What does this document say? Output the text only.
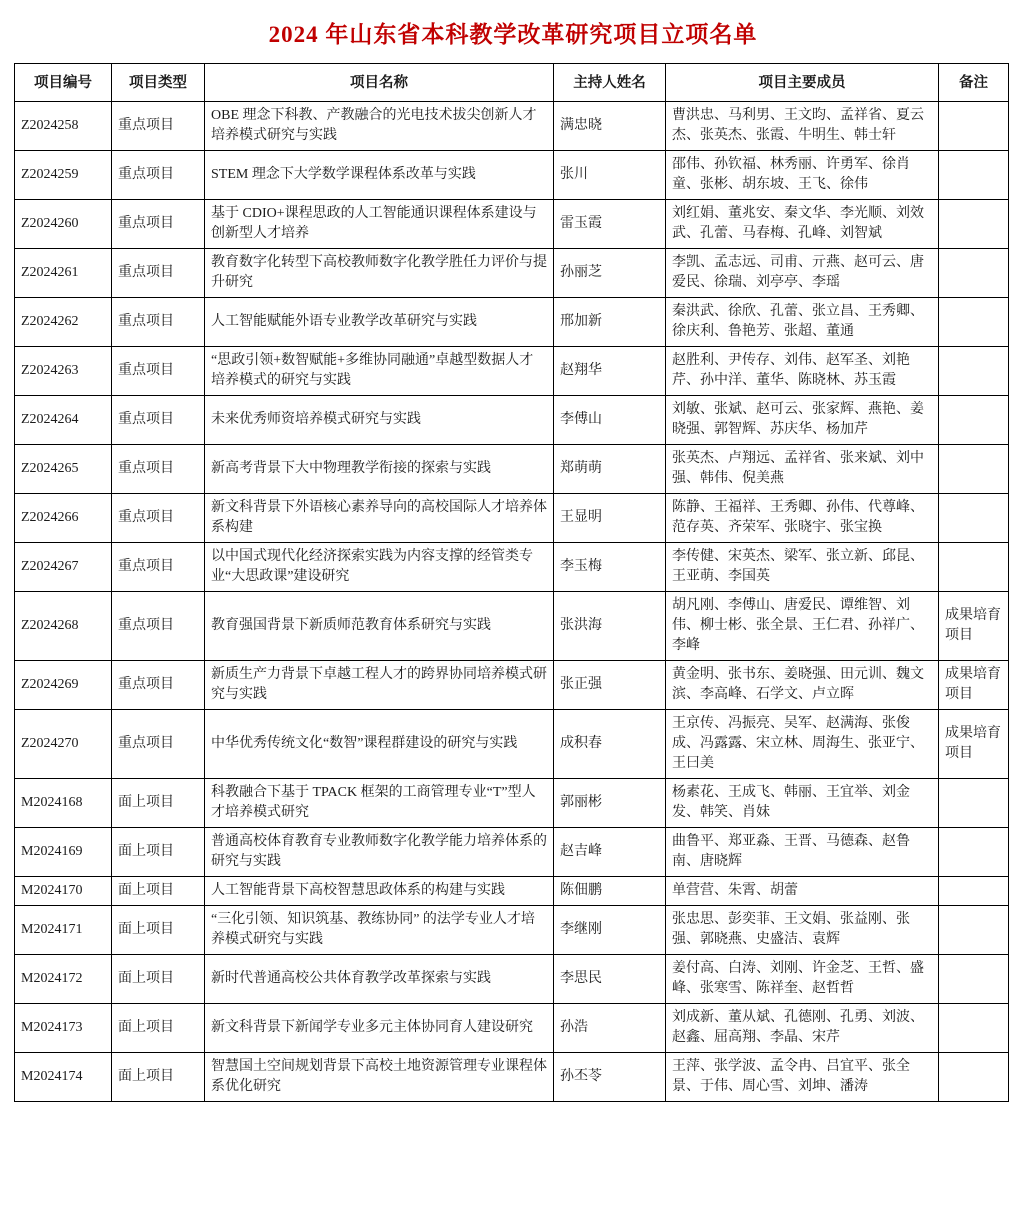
2024 年山东省本科教学改革研究项目立项名单
项目编号	项目类型	项目名称	主持人姓名	项目主要成员	备注
Z2024258	重点项目	OBE 理念下科教、产教融合的光电技术拔尖创新人才培养模式研究与实践	满忠晓	曹洪忠、马利男、王文昀、孟祥省、夏云杰、张英杰、张霞、牛明生、韩士轩	
Z2024259	重点项目	STEM 理念下大学数学课程体系改革与实践	张川	邵伟、孙钦福、林秀丽、许勇军、徐肖童、张彬、胡东坡、王飞、徐伟	
Z2024260	重点项目	基于 CDIO+课程思政的人工智能通识课程体系建设与创新型人才培养	雷玉霞	刘红娟、董兆安、秦文华、李光顺、刘效武、孔蕾、马春梅、孔峰、刘智斌	
Z2024261	重点项目	教育数字化转型下高校教师数字化教学胜任力评价与提升研究	孙丽芝	李凯、孟志远、司甫、亓燕、赵可云、唐爱民、徐瑞、刘亭亭、李瑶	
Z2024262	重点项目	人工智能赋能外语专业教学改革研究与实践	邢加新	秦洪武、徐欣、孔蕾、张立昌、王秀卿、徐庆利、鲁艳芳、张超、董通	
Z2024263	重点项目	“思政引领+数智赋能+多维协同融通”卓越型数据人才培养模式的研究与实践	赵翔华	赵胜利、尹传存、刘伟、赵军圣、刘艳芹、孙中洋、董华、陈晓林、苏玉霞	
Z2024264	重点项目	未来优秀师资培养模式研究与实践	李傅山	刘敏、张斌、赵可云、张家辉、燕艳、姜晓强、郭智辉、苏庆华、杨加芹	
Z2024265	重点项目	新高考背景下大中物理教学衔接的探索与实践	郑萌萌	张英杰、卢翔远、孟祥省、张来斌、刘中强、韩伟、倪美燕	
Z2024266	重点项目	新文科背景下外语核心素养导向的高校国际人才培养体系构建	王显明	陈静、王福祥、王秀卿、孙伟、代尊峰、范存英、齐荣军、张晓宇、张宝换	
Z2024267	重点项目	以中国式现代化经济探索实践为内容支撑的经管类专业“大思政课”建设研究	李玉梅	李传健、宋英杰、梁军、张立新、邱昆、王亚萌、李国英	
Z2024268	重点项目	教育强国背景下新质师范教育体系研究与实践	张洪海	胡凡刚、李傅山、唐爱民、谭维智、刘伟、柳士彬、张全景、王仁君、孙祥广、李峰	成果培育项目
Z2024269	重点项目	新质生产力背景下卓越工程人才的跨界协同培养模式研究与实践	张正强	黄金明、张书东、姜晓强、田元训、魏文滨、李高峰、石学文、卢立晖	成果培育项目
Z2024270	重点项目	中华优秀传统文化“数智”课程群建设的研究与实践	成积春	王京传、冯振亮、吴军、赵满海、张俊成、冯露露、宋立林、周海生、张亚宁、王曰美	成果培育项目
M2024168	面上项目	科教融合下基于 TPACK 框架的工商管理专业“T”型人才培养模式研究	郭丽彬	杨素花、王成飞、韩丽、王宜举、刘金发、韩笑、肖妹	
M2024169	面上项目	普通高校体育教育专业教师数字化教学能力培养体系的研究与实践	赵吉峰	曲鲁平、郑亚淼、王晋、马德森、赵鲁南、唐晓辉	
M2024170	面上项目	人工智能背景下高校智慧思政体系的构建与实践	陈佃鹏	单营营、朱霄、胡蕾	
M2024171	面上项目	“三化引领、知识筑基、教练协同” 的法学专业人才培养模式研究与实践	李继刚	张忠思、彭奕菲、王文娟、张益刚、张强、郭晓燕、史盛洁、袁辉	
M2024172	面上项目	新时代普通高校公共体育教学改革探索与实践	李思民	姜付高、白涛、刘刚、许金芝、王哲、盛峰、张寒雪、陈祥奎、赵哲哲	
M2024173	面上项目	新文科背景下新闻学专业多元主体协同育人建设研究	孙浩	刘成新、董从斌、孔德刚、孔勇、刘波、赵鑫、屈高翔、李晶、宋芹	
M2024174	面上项目	智慧国土空间规划背景下高校土地资源管理专业课程体系优化研究	孙丕苓	王萍、张学波、孟令冉、吕宜平、张全景、于伟、周心雪、刘坤、潘涛	
